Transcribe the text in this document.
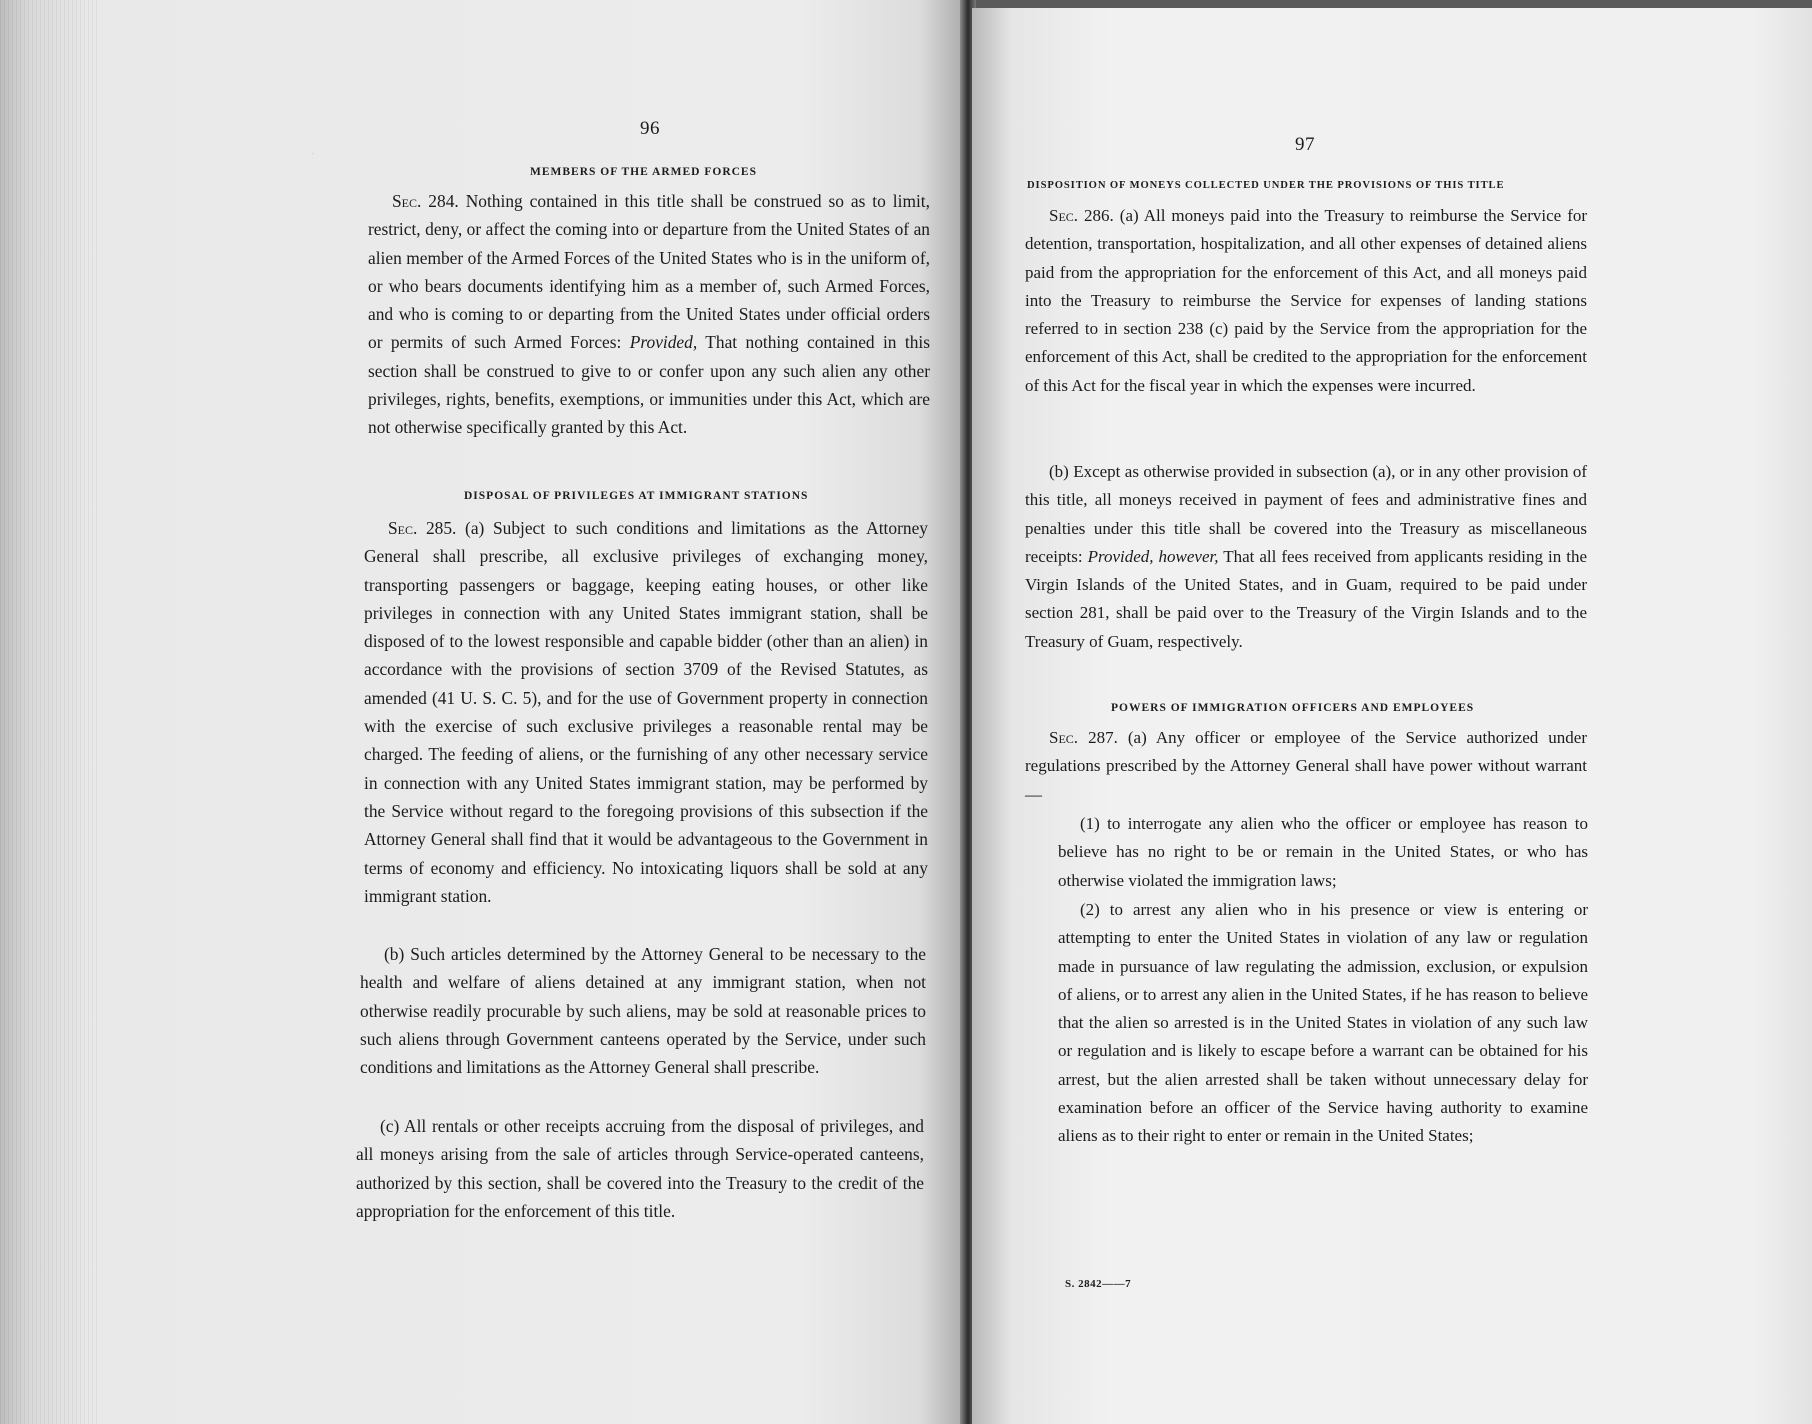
·
96
MEMBERS OF THE ARMED FORCES
Sec. 284. Nothing contained in this title shall be construed so as to limit, restrict, deny, or affect the coming into or departure from the United States of an alien member of the Armed Forces of the United States who is in the uniform of, or who bears documents identifying him as a member of, such Armed Forces, and who is coming to or departing from the United States under official orders or permits of such Armed Forces: Provided, That nothing contained in this section shall be construed to give to or confer upon any such alien any other privileges, rights, benefits, exemptions, or immunities under this Act, which are not otherwise specifically granted by this Act.
DISPOSAL OF PRIVILEGES AT IMMIGRANT STATIONS
Sec. 285. (a) Subject to such conditions and limitations as the Attorney General shall prescribe, all exclusive privileges of exchanging money, transporting passengers or baggage, keeping eating houses, or other like privileges in connection with any United States immigrant station, shall be disposed of to the lowest responsible and capable bidder (other than an alien) in accordance with the provisions of section 3709 of the Revised Statutes, as amended (41 U. S. C. 5), and for the use of Government property in connection with the exercise of such exclusive privileges a reasonable rental may be charged. The feeding of aliens, or the furnishing of any other necessary service in connection with any United States immigrant station, may be performed by the Service without regard to the foregoing provisions of this subsection if the Attorney General shall find that it would be advantageous to the Government in terms of economy and efficiency. No intoxicating liquors shall be sold at any immigrant station.
(b) Such articles determined by the Attorney General to be necessary to the health and welfare of aliens detained at any immigrant station, when not otherwise readily procurable by such aliens, may be sold at reasonable prices to such aliens through Government canteens operated by the Service, under such conditions and limitations as the Attorney General shall prescribe.
(c) All rentals or other receipts accruing from the disposal of privileges, and all moneys arising from the sale of articles through Service-operated canteens, authorized by this section, shall be covered into the Treasury to the credit of the appropriation for the enforcement of this title.
97
DISPOSITION OF MONEYS COLLECTED UNDER THE PROVISIONS OF THIS TITLE
Sec. 286. (a) All moneys paid into the Treasury to reimburse the Service for detention, transportation, hospitalization, and all other expenses of detained aliens paid from the appropriation for the enforcement of this Act, and all moneys paid into the Treasury to reimburse the Service for expenses of landing stations referred to in section 238 (c) paid by the Service from the appropriation for the enforcement of this Act, shall be credited to the appropriation for the enforcement of this Act for the fiscal year in which the expenses were incurred.
(b) Except as otherwise provided in subsection (a), or in any other provision of this title, all moneys received in payment of fees and administrative fines and penalties under this title shall be covered into the Treasury as miscellaneous receipts: Provided, however, That all fees received from applicants residing in the Virgin Islands of the United States, and in Guam, required to be paid under section 281, shall be paid over to the Treasury of the Virgin Islands and to the Treasury of Guam, respectively.
POWERS OF IMMIGRATION OFFICERS AND EMPLOYEES
Sec. 287. (a) Any officer or employee of the Service authorized under regulations prescribed by the Attorney General shall have power without warrant—
(1) to interrogate any alien who the officer or employee has reason to believe has no right to be or remain in the United States, or who has otherwise violated the immigration laws;
(2) to arrest any alien who in his presence or view is entering or attempting to enter the United States in violation of any law or regulation made in pursuance of law regulating the admission, exclusion, or expulsion of aliens, or to arrest any alien in the United States, if he has reason to believe that the alien so arrested is in the United States in violation of any such law or regulation and is likely to escape before a warrant can be obtained for his arrest, but the alien arrested shall be taken without unnecessary delay for examination before an officer of the Service having authority to examine aliens as to their right to enter or remain in the United States;
S. 2842——7
